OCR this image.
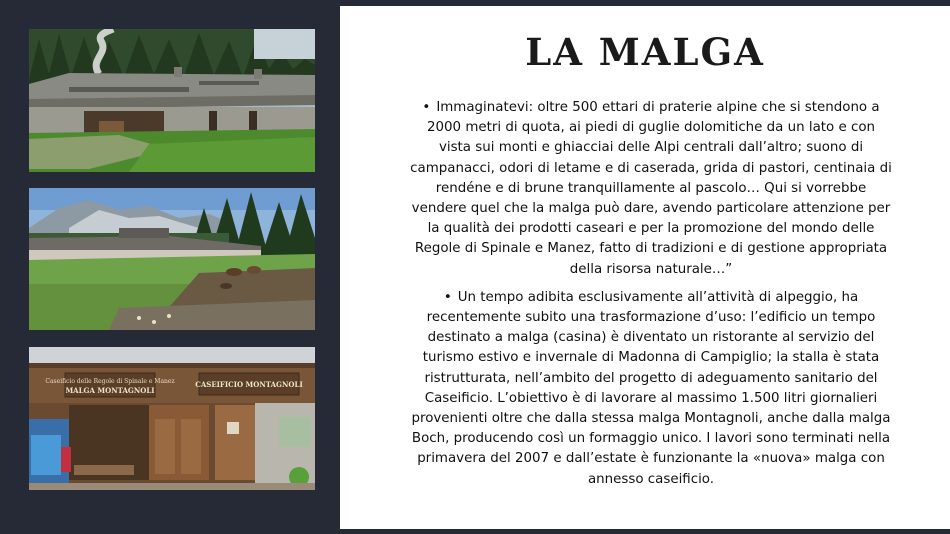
Caseificio delle Regole di Spinale e Manez
MALGA MONTAGNOLI
CASEIFICIO MONTAGNOLI
LA MALGA

• Immaginatevi: oltre 500 ettari di praterie alpine che si stendono a 2000 metri di quota, ai piedi di guglie dolomitiche da un lato e con vista sui monti e ghiacciai delle Alpi centrali dall’altro; suono di campanacci, odori di letame e di caserada, grida di pastori, centinaia di rendéne e di brune tranquillamente al pascolo… Qui si vorrebbe vendere quel che la malga può dare, avendo particolare attenzione per la qualità dei prodotti caseari e per la promozione del mondo delle Regole di Spinale e Manez, fatto di tradizioni e di gestione appropriata della risorsa naturale…”

• Un tempo adibita esclusivamente all’attività di alpeggio, ha recentemente subito una trasformazione d’uso: l’edificio un tempo destinato a malga (casina) è diventato un ristorante al servizio del turismo estivo e invernale di Madonna di Campiglio; la stalla è stata ristrutturata, nell’ambito del progetto di adeguamento sanitario del Caseificio. L’obiettivo è di lavorare al massimo 1.500 litri giornalieri provenienti oltre che dalla stessa malga Montagnoli, anche dalla malga Boch, producendo così un formaggio unico. I lavori sono terminati nella primavera del 2007 e dall’estate è funzionante la «nuova» malga con annesso caseificio.
